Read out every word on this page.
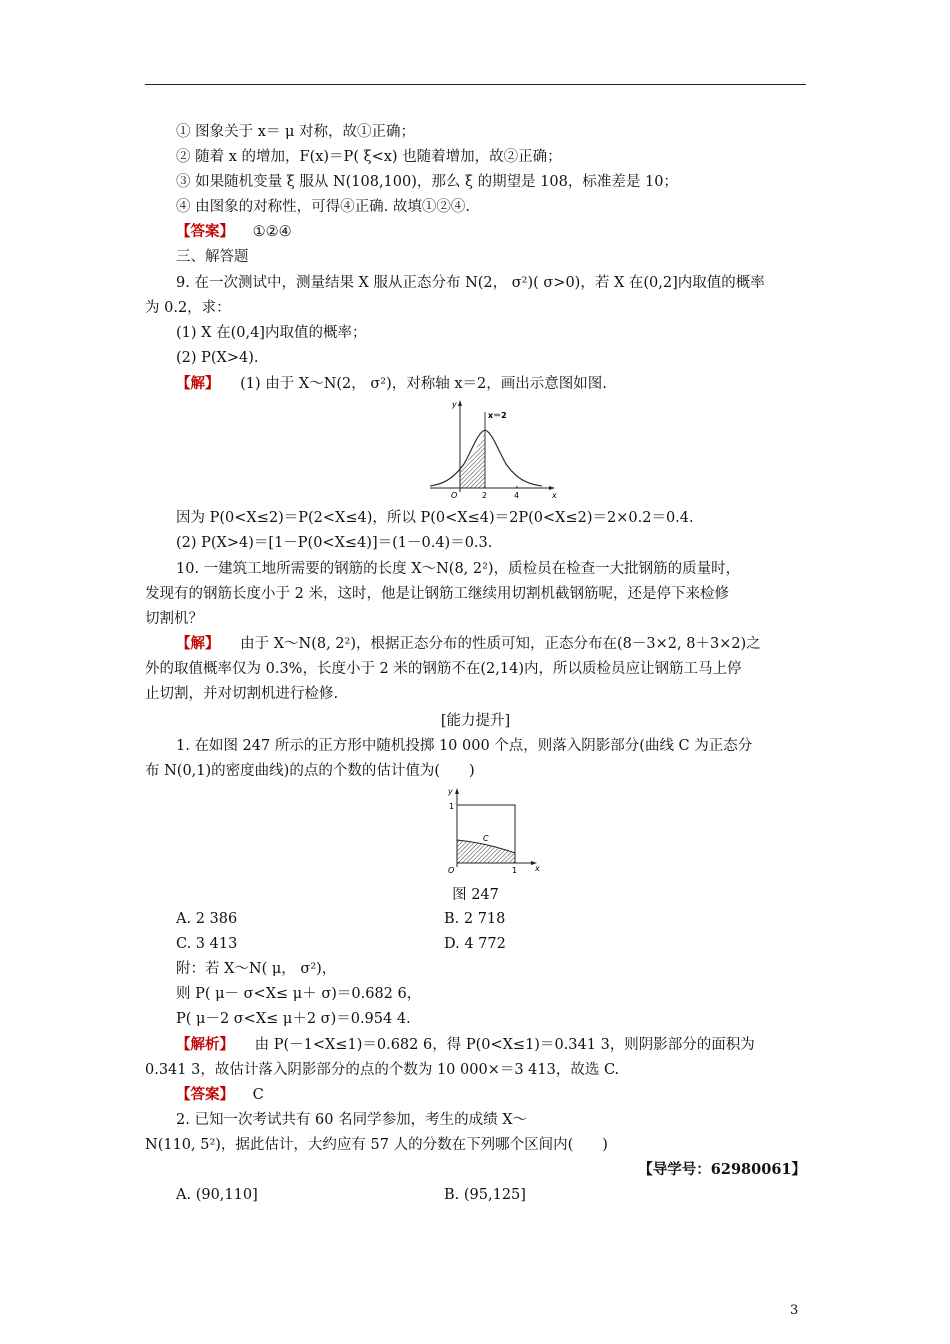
① 图象关于 x＝ μ 对称，故①正确；
② 随着 x 的增加，F(x)＝P( ξ<x) 也随着增加，故②正确；
③ 如果随机变量 ξ 服从 N(108,100)，那么 ξ 的期望是 108，标准差是 10；
④ 由图象的对称性，可得④正确. 故填①②④.
【答案】 ①②④
三、解答题
9. 在一次测试中，测量结果 X 服从正态分布 N(2， σ²)( σ>0)，若 X 在(0,2]内取值的概率
为 0.2，求：
(1) X 在(0,4]内取值的概率；
(2) P(X>4).
【解】 (1) 由于 X～N(2， σ²)，对称轴 x＝2，画出示意图如图.
y
x
O	2	4
x＝2
因为 P(0<X≤2)＝P(2<X≤4)，所以 P(0<X≤4)＝2P(0<X≤2)＝2×0.2＝0.4.
(2) P(X>4)＝[1－P(0<X≤4)]＝(1－0.4)＝0.3.
10. 一建筑工地所需要的钢筋的长度 X～N(8, 2²)，质检员在检查一大批钢筋的质量时，
发现有的钢筋长度小于 2 米，这时，他是让钢筋工继续用切割机截钢筋呢，还是停下来检修
切割机？
【解】 由于 X～N(8, 2²)，根据正态分布的性质可知，正态分布在(8－3×2, 8＋3×2)之
外的取值概率仅为 0.3%，长度小于 2 米的钢筋不在(2,14)内，所以质检员应让钢筋工马上停
止切割，并对切割机进行检修.
[能力提升]
1. 在如图 247 所示的正方形中随机投掷 10 000 个点，则落入阴影部分(曲线 C 为正态分
布 N(0,1)的密度曲线)的点的个数的估计值为(　　)
y
x
O
1
1
C
图 247
A. 2 386	B. 2 718
C. 3 413	D. 4 772
附：若 X～N( μ， σ²)，
则 P( μ－ σ<X≤ μ＋ σ)＝0.682 6，
P( μ－2 σ<X≤ μ＋2 σ)＝0.954 4.
【解析】 由 P(－1<X≤1)＝0.682 6，得 P(0<X≤1)＝0.341 3，则阴影部分的面积为
0.341 3，故估计落入阴影部分的点的个数为 10 000×＝3 413，故选 C.
【答案】 C
2. 已知一次考试共有 60 名同学参加，考生的成绩 X～
N(110, 5²)，据此估计，大约应有 57 人的分数在下列哪个区间内(　　)
【导学号：62980061】
A. (90,110]	B. (95,125]
3
